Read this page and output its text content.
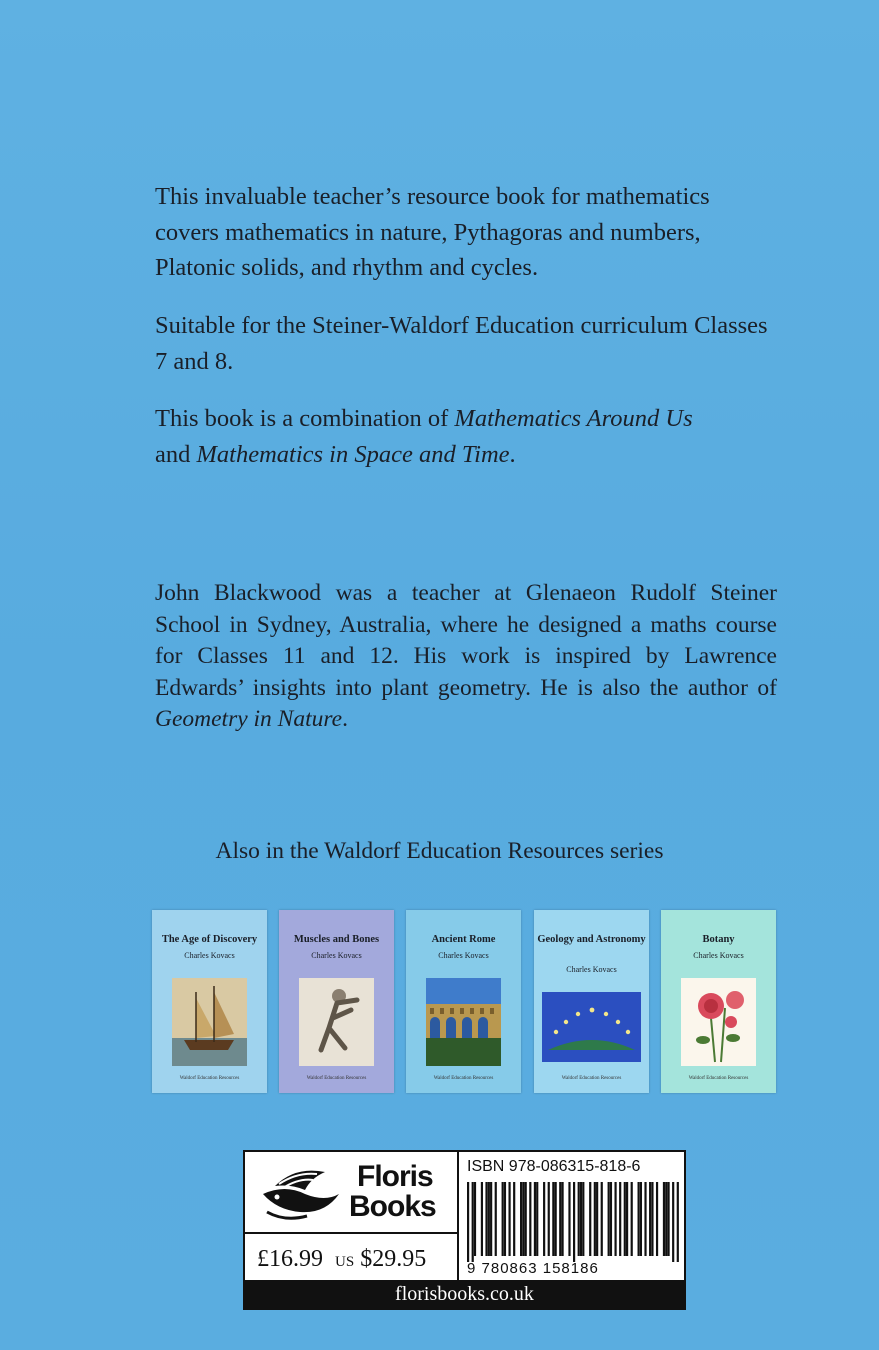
This invaluable teacher’s resource book for mathematics covers mathematics in nature, Pythagoras and numbers, Platonic solids, and rhythm and cycles.

Suitable for the Steiner-Waldorf Education curriculum Classes 7 and 8.

This book is a combination of Mathematics Around Us
and Mathematics in Space and Time.

John Blackwood was a teacher at Glenaeon Rudolf Steiner School in Sydney, Australia, where he designed a maths course for Classes 11 and 12. His work is inspired by Lawrence Edwards’ insights into plant geometry. He is also the author of Geometry in Nature.

Also in the Waldorf Education Resources series
The Age of Discovery
Charles Kovacs
Waldorf Education Resources
Muscles and Bones
Charles Kovacs
Waldorf Education Resources
Ancient Rome
Charles Kovacs
Waldorf Education Resources
Geology and Astronomy
Charles Kovacs
Waldorf Education Resources
Botany
Charles Kovacs
Waldorf Education Resources
Floris
Books
£16.99 US $29.95
ISBN 978-086315-818-6
9 780863 158186
florisbooks.co.uk
